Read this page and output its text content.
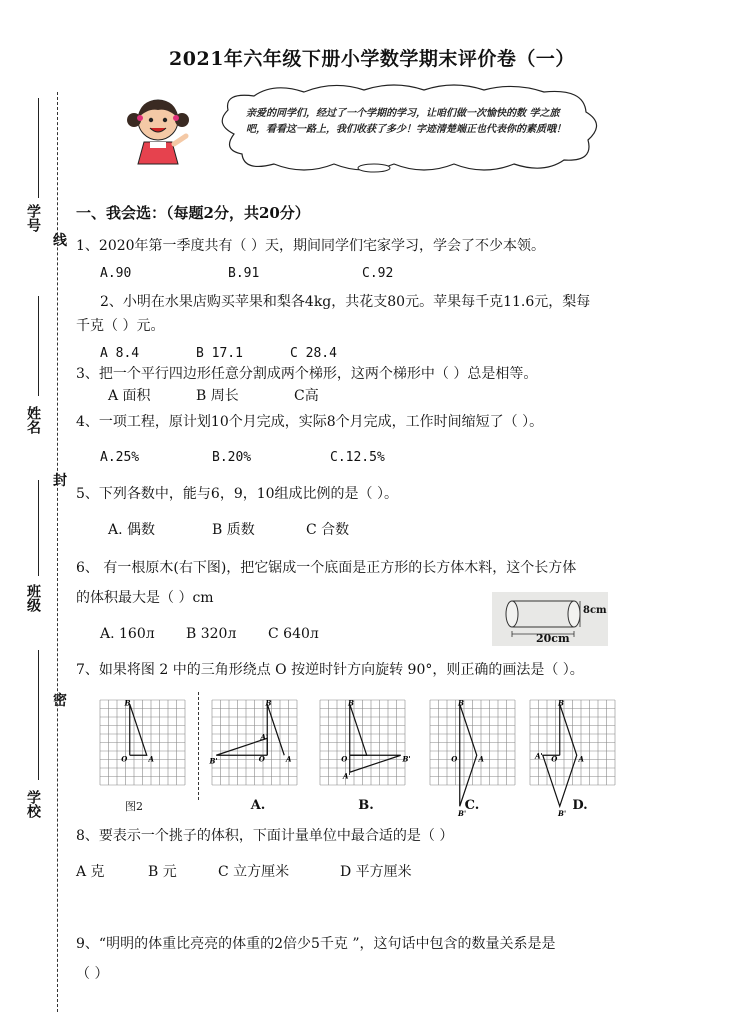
2021年六年级下册小学数学期末评价卷（一）
亲爱的同学们，经过了一个学期的学习，让咱们做一次愉快的数 学之旅吧，看看这一路上，我们收获了多少！字迹清楚端正也代表你的素质哦！
学号
线
姓名
封
班级
密
学校
一、我会选：（每题2分，共20分）
1、2020年第一季度共有（ ）天，期间同学们宅家学习，学会了不少本领。
A.90	B.91	C.92
2、小明在水果店购买苹果和梨各4kg，共花支80元。苹果每千克11.6元，梨每
千克（ ）元。
A 8.4	B 17.1	C 28.4
3、把一个平行四边形任意分割成两个梯形，这两个梯形中（ ）总是相等。
A 面积	B 周长	C高
4、一项工程，原计划10个月完成，实际8个月完成，工作时间缩短了（ ）。
A.25%	B.20%	C.12.5%
5、下列各数中，能与6，9，10组成比例的是（ ）。
A. 偶数	B 质数	C 合数
6、 有一根原木(右下图)，把它锯成一个底面是正方形的长方体木料，这个长方体
的体积最大是（ ）cm
A. 160л B 320л C 640л
8cm
20cm
7、如果将图 2 中的三角形绕点 O 按逆时针方向旋转 90°，则正确的画法是（ ）。
O	A
B
O
B'
A'
A
B
O	B'
A'
B
O	A
B
B'
O	A
A'
B
B'
图2	A.	B.	C.	D.
8、要表示一个挑子的体积，下面计量单位中最合适的是（ ）
A 克	B 元	C 立方厘米	D 平方厘米
9、“明明的体重比亮亮的体重的2倍少5千克 ”，这句话中包含的数量关系是是
（ ）
